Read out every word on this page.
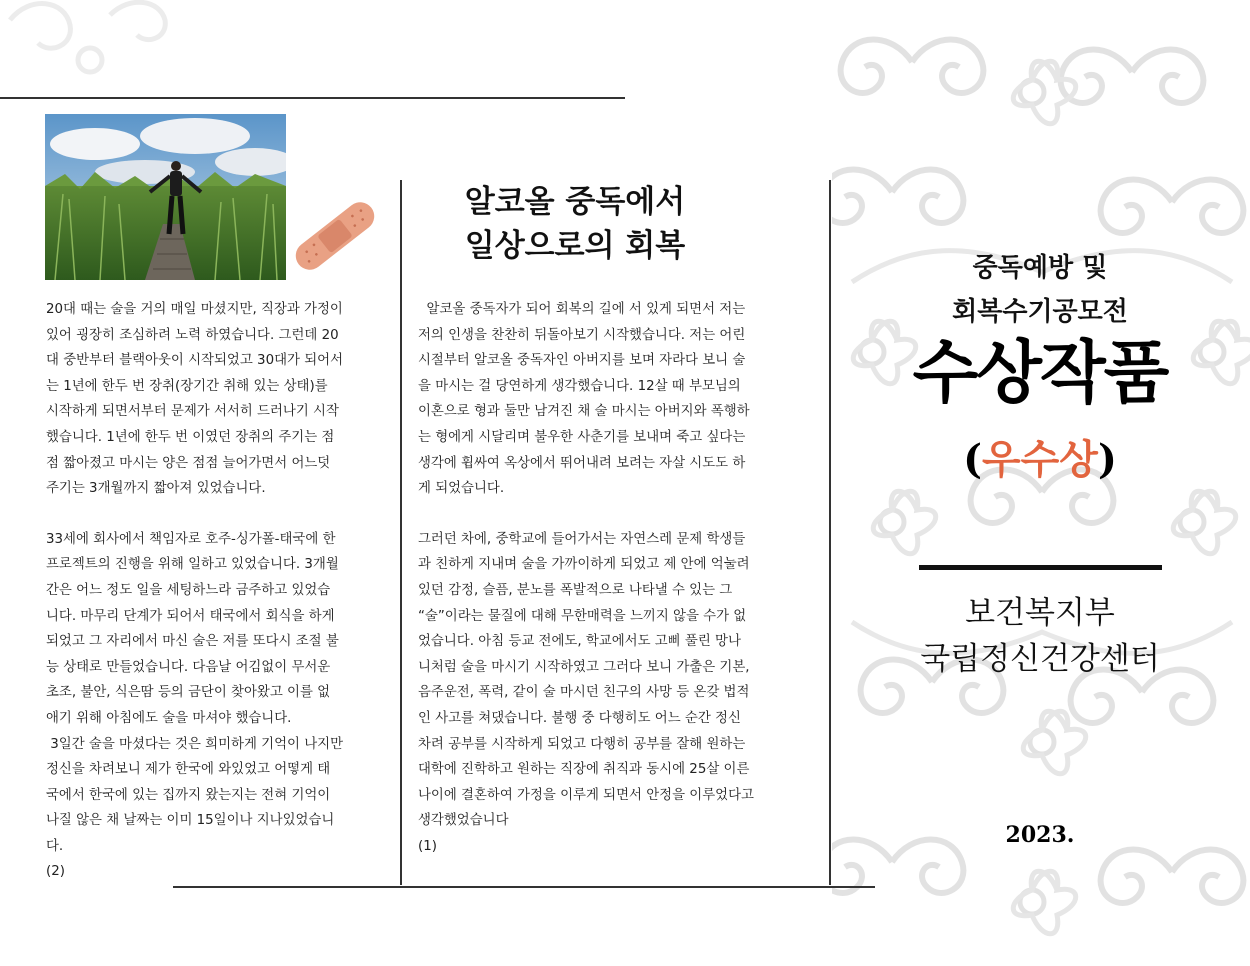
20대 때는 술을 거의 매일 마셨지만, 직장과 가정이
있어 굉장히 조심하려 노력 하였습니다. 그런데 20
대 중반부터 블랙아웃이 시작되었고 30대가 되어서
는 1년에 한두 번 장취(장기간 취해 있는 상태)를
시작하게 되면서부터 문제가 서서히 드러나기 시작
했습니다. 1년에 한두 번 이였던 장취의 주기는 점
점 짧아졌고 마시는 양은 점점 늘어가면서 어느덧
주기는 3개월까지 짧아져 있었습니다.

33세에 회사에서 책임자로 호주-싱가폴-태국에 한
프로젝트의 진행을 위해 일하고 있었습니다. 3개월
간은 어느 정도 일을 세팅하느라 금주하고 있었습
니다. 마무리 단계가 되어서 태국에서 회식을 하게
되었고 그 자리에서 마신 술은 저를 또다시 조절 불
능 상태로 만들었습니다. 다음날 어김없이 무서운
초조, 불안, 식은땀 등의 금단이 찾아왔고 이를 없
애기 위해 아침에도 술을 마셔야 했습니다.
3일간 술을 마셨다는 것은 희미하게 기억이 나지만
정신을 차려보니 제가 한국에 와있었고 어떻게 태
국에서 한국에 있는 집까지 왔는지는 전혀 기억이
나질 않은 채 날짜는 이미 15일이나 지나있었습니
다.

(2)

알코올 중독에서
일상으로의 회복

알코올 중독자가 되어 회복의 길에 서 있게 되면서 저는
저의 인생을 찬찬히 뒤돌아보기 시작했습니다. 저는 어린
시절부터 알코올 중독자인 아버지를 보며 자라다 보니 술
을 마시는 걸 당연하게 생각했습니다. 12살 때 부모님의
이혼으로 형과 둘만 남겨진 채 술 마시는 아버지와 폭행하
는 형에게 시달리며 불우한 사춘기를 보내며 죽고 싶다는
생각에 휩싸여 옥상에서 뛰어내려 보려는 자살 시도도 하
게 되었습니다.

그러던 차에, 중학교에 들어가서는 자연스레 문제 학생들
과 친하게 지내며 술을 가까이하게 되었고 제 안에 억눌려
있던 감정, 슬픔, 분노를 폭발적으로 나타낼 수 있는 그
“술”이라는 물질에 대해 무한매력을 느끼지 않을 수가 없
었습니다. 아침 등교 전에도, 학교에서도 고삐 풀린 망나
니처럼 술을 마시기 시작하였고 그러다 보니 가출은 기본,
음주운전, 폭력, 같이 술 마시던 친구의 사망 등 온갖 법적
인 사고를 쳐댔습니다. 불행 중 다행히도 어느 순간 정신
차려 공부를 시작하게 되었고 다행히 공부를 잘해 원하는
대학에 진학하고 원하는 직장에 취직과 동시에 25살 이른
나이에 결혼하여 가정을 이루게 되면서 안정을 이루었다고
생각했었습니다

(1)

중독예방 및
회복수기공모전
수상작품
(우수상)
보건복지부
국립정신건강센터
2023.
